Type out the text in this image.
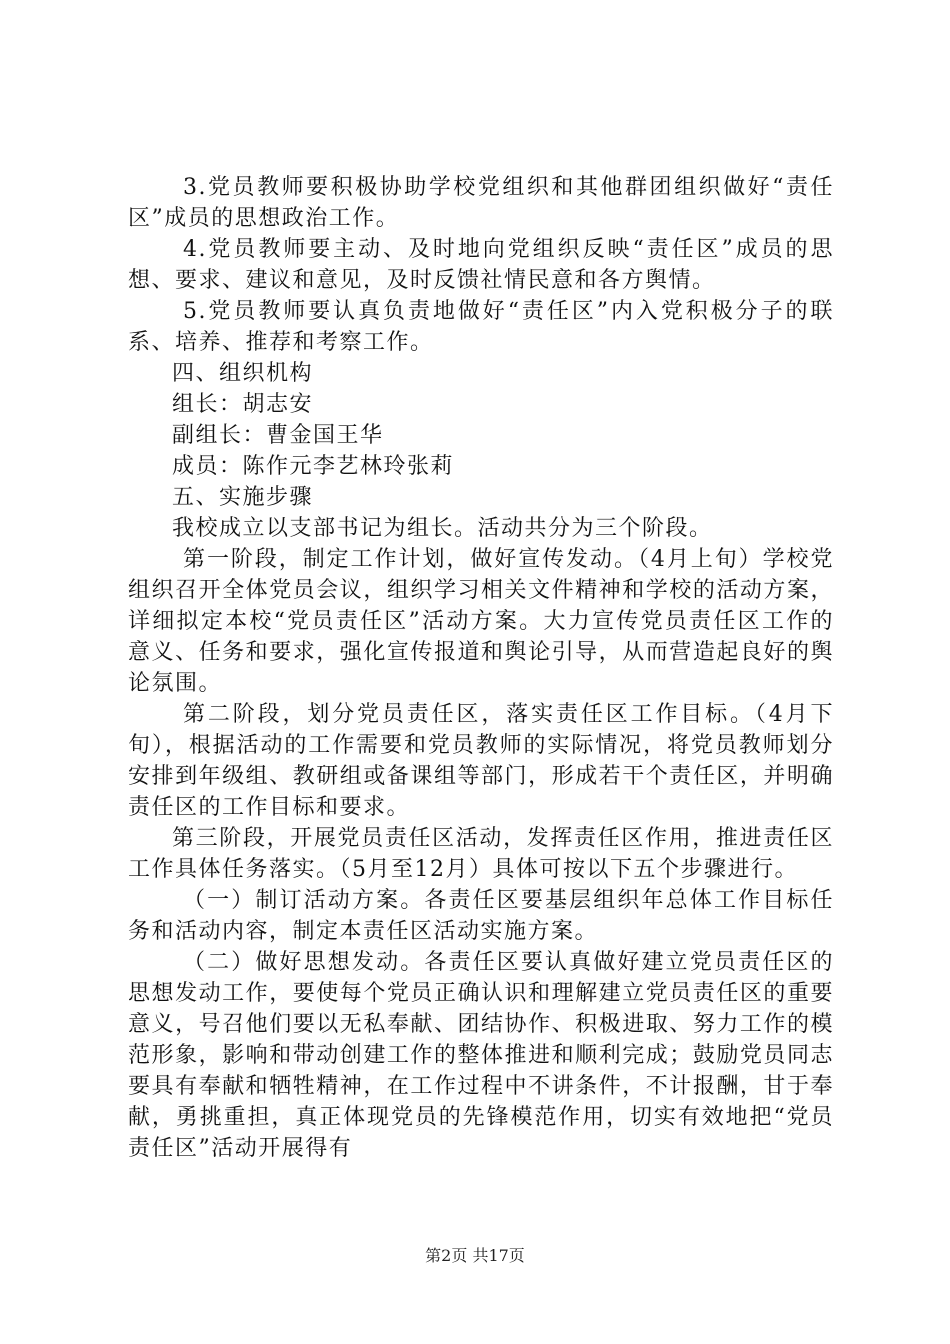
3.党员教师要积极协助学校党组织和其他群团组织做好“责任区”成员的思想政治工作。

4.党员教师要主动、及时地向党组织反映“责任区”成员的思想、要求、建议和意见，及时反馈社情民意和各方舆情。

5.党员教师要认真负责地做好“责任区”内入党积极分子的联系、培养、推荐和考察工作。

四、组织机构

组长：胡志安

副组长：曹金国王华

成员：陈作元李艺林玲张莉

五、实施步骤

我校成立以支部书记为组长。活动共分为三个阶段。

第一阶段，制定工作计划，做好宣传发动。（4月上旬）学校党组织召开全体党员会议，组织学习相关文件精神和学校的活动方案，详细拟定本校“党员责任区”活动方案。大力宣传党员责任区工作的意义、任务和要求，强化宣传报道和舆论引导，从而营造起良好的舆论氛围。

第二阶段，划分党员责任区，落实责任区工作目标。（4月下旬），根据活动的工作需要和党员教师的实际情况，将党员教师划分安排到年级组、教研组或备课组等部门，形成若干个责任区，并明确责任区的工作目标和要求。

第三阶段，开展党员责任区活动，发挥责任区作用，推进责任区工作具体任务落实。（5月至12月）具体可按以下五个步骤进行。

（一）制订活动方案。各责任区要基层组织年总体工作目标任务和活动内容，制定本责任区活动实施方案。

（二）做好思想发动。各责任区要认真做好建立党员责任区的思想发动工作，要使每个党员正确认识和理解建立党员责任区的重要意义，号召他们要以无私奉献、团结协作、积极进取、努力工作的模范形象，影响和带动创建工作的整体推进和顺利完成；鼓励党员同志要具有奉献和牺牲精神，在工作过程中不讲条件，不计报酬，甘于奉献，勇挑重担，真正体现党员的先锋模范作用，切实有效地把“党员责任区”活动开展得有

第2页 共17页
